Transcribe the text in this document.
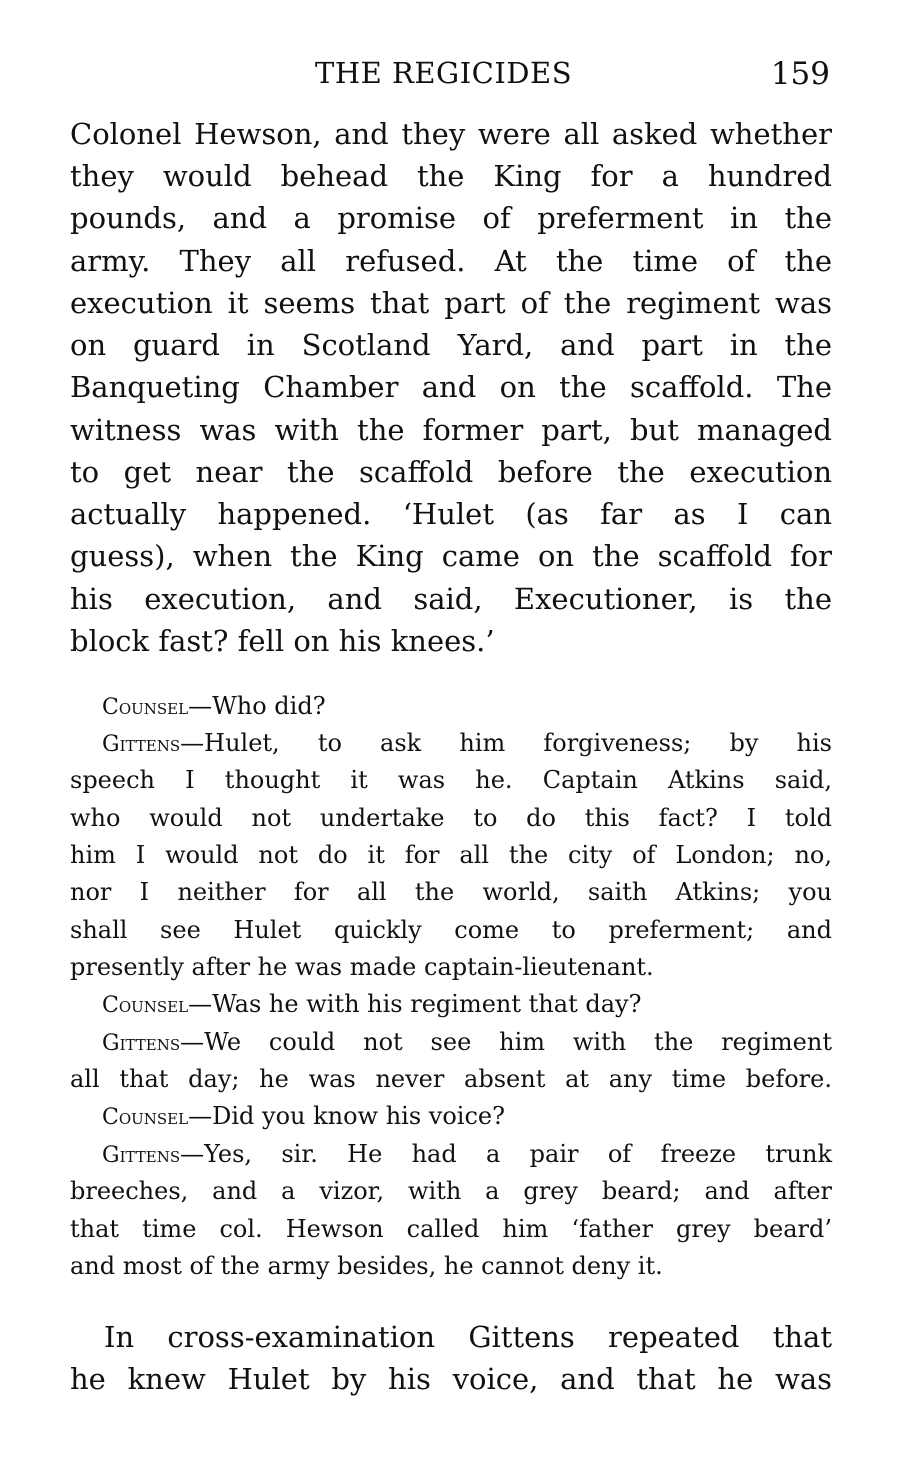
THE REGICIDES	159
Colonel Hewson, and they were all asked whether
they would behead the King for a hundred
pounds, and a promise of preferment in the
army. They all refused. At the time of the
execution it seems that part of the regiment was
on guard in Scotland Yard, and part in the
Banqueting Chamber and on the scaffold. The
witness was with the former part, but managed
to get near the scaffold before the execution
actually happened. ‘Hulet (as far as I can
guess), when the King came on the scaffold for
his execution, and said, Executioner, is the
block fast? fell on his knees.’
Counsel—Who did?
Gittens—Hulet, to ask him forgiveness; by his
speech I thought it was he. Captain Atkins said,
who would not undertake to do this fact? I told
him I would not do it for all the city of London; no,
nor I neither for all the world, saith Atkins; you
shall see Hulet quickly come to preferment; and
presently after he was made captain-lieutenant.
Counsel—Was he with his regiment that day?
Gittens—We could not see him with the regiment
all that day; he was never absent at any time before.
Counsel—Did you know his voice?
Gittens—Yes, sir. He had a pair of freeze trunk
breeches, and a vizor, with a grey beard; and after
that time col. Hewson called him ‘father grey beard’
and most of the army besides, he cannot deny it.
In cross-examination Gittens repeated that
he knew Hulet by his voice, and that he was
